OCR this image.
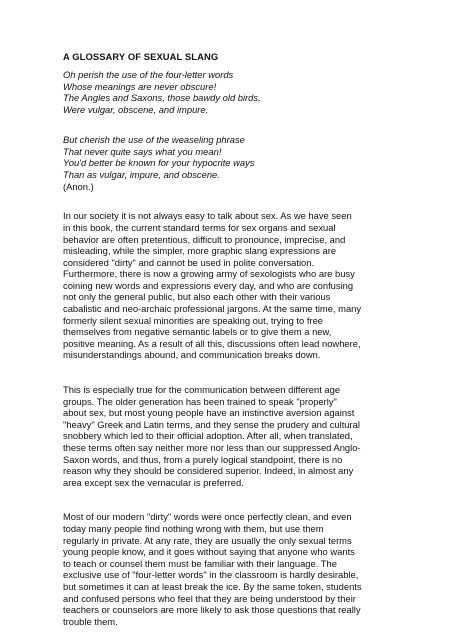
A GLOSSARY OF SEXUAL SLANG
Oh perish the use of the four-letter words
Whose meanings are never obscure!
The Angles and Saxons, those bawdy old birds,
Were vulgar, obscene, and impure.
But cherish the use of the weaseling phrase
That never quite says what you mean!
You'd better be known for your hypocrite ways
Than as vulgar, impure, and obscene.
(Anon.)
In our society it is not always easy to talk about sex. As we have seen
in this book, the current standard terms for sex organs and sexual
behavior are often pretentious, difficult to pronounce, imprecise, and
misleading, while the simpler, more graphic slang expressions are
considered "dirty" and cannot be used in polite conversation.
Furthermore, there is now a growing army of sexologists who are busy
coining new words and expressions every day, and who are confusing
not only the general public, but also each other with their various
cabalistic and neo-archaic professional jargons. At the same time, many
formerly silent sexual minorities are speaking out, trying to free
themselves from negative semantic labels or to give them a new,
positive meaning. As a result of all this, discussions often lead nowhere,
misunderstandings abound, and communication breaks down.
This is especially true for the communication between different age
groups. The older generation has been trained to speak "properly"
about sex, but most young people have an instinctive aversion against
"heavy" Greek and Latin terms, and they sense the prudery and cultural
snobbery which led to their official adoption. After all, when translated,
these terms often say neither more nor less than our suppressed Anglo-
Saxon words, and thus, from a purely logical standpoint, there is no
reason why they should be considered superior. Indeed, in almost any
area except sex the vernacular is preferred.
Most of our modern "dirty" words were once perfectly clean, and even
today many people find nothing wrong with them, but use them
regularly in private. At any rate, they are usually the only sexual terms
young people know, and it goes without saying that anyone who wants
to teach or counsel them must be familiar with their language. The
exclusive use of "four-letter words" in the classroom is hardly desirable,
but sometimes it can at least break the ice. By the same token, students
and confused persons who feel that they are being understood by their
teachers or counselors are more likely to ask those questions that really
trouble them.
